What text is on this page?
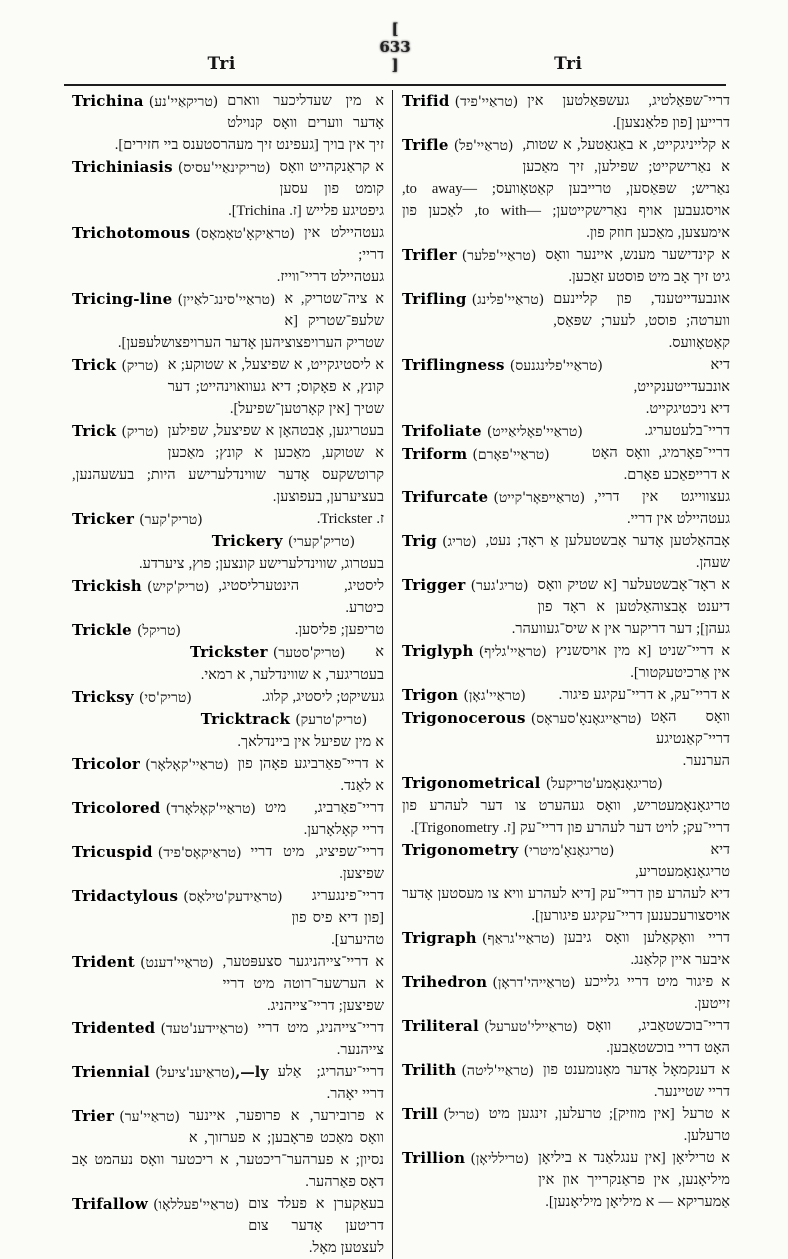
Tri
[ 633 ]	Tri

Trichina (טריקאַיי'נע) א מין שעדליכער ווארם אָדער ווערים וואָס קנוילט זיך אין בויך [געפינט זיך מעהרסטענס ביי חזירים].

Trichiniasis (טריקינאַיי'עסיס) א קראַנקהייט וואָס קומט פון עסען גיפטיגע פלייש [ז. Trichina].

Trichotomous (טראַיקאָ'טאָמאָס) געטהיילט אין דריי; געטהיילט דריי־ווייז.

Tricing-line (טראַיי'סינג־לאַיין) א ציה־שטריק, א שלעפּ־שטריק [א שטריק הערויפצוציהען אָדער הערויפצושלעפּען].

Trick (טריק) א ליסטיגקייט, א שפיצעל, א שטוקע; א קונץ, א פאָקוס; דיא געוואוינהייט; דער שטיך [אין קאָרטען־שפיעל].

Trick (טריק) בעטריגען, אָבטהאָן א שפיצעל, שפילען א שטוקע, מאַכען א קונץ; מאַכען קרוטשקעס אָדער שווינדלערישע היות; בעשעהנען, בעציערען, בעפוצען.

Tricker (טריק'קער)	ז. Trickster.

Trickery (טריק'קערי)
בעטרוג, שווינדלערישע קונצען; פוץ, ציערדע.

Trickish (טריק'קיש) ליסטיג, הינטערליסטיג, כיטרע.

Trickle (טריקל)	טריפען; פליסען.

Trickster (טריק'סטער) א בעטריגער, א שווינדלער, א רמאי.

Tricksy (טריק'סי)	געשיקט; ליסטיג, קלוג.

Tricktrack (טריק'טרעק)
א מין שפיעל אין ביינדלאך.

Tricolor (טראַיי'קאָלאָר) א דריי־פאַרביגע פאָהן פון א לאַנד.

Tricolored (טראַיי'קאָלאָרד) דריי־פאַרביג, מיט דריי קאָלאָרען.

Tricuspid (טראַיקאָס'פיד) דריי־שפיציג, מיט דריי שפיצען.

Tridactylous (טראַידעק'טילאָס) דריי־פינגעריג [פון דיא פיס פון טהיערע].

Trident (טראַיי'דענט) א דריי־צייהניגער סצעפּטער, א הערשער־רוטה מיט דריי שפיצען; דריי־צייהניג.

Tridented (טראַיידענ'טעד) דריי־צייהניג, מיט דריי צייהנער.

Triennial (טראַיענ'ציעל),—ly דריי־יעהריג; אַלע דריי יאָהר.

Trier (טראַיי'ער) א פרובירער, א פרופער, איינער וואָס מאַכט פּראָבען; א פערזוך, א נסיון; א פערהער־ריכטער, א ריכטער וואָס נעהמט אָב דאָס פאַרהער.

Trifallow (טראַיי'פעללאָו) בעאַקערן א פעלד צום דריטען אָדער צום לעצטען מאָל.

Trifid (טראַיי'פיד) דריי־שפּאַלטיג, געשפּאַלטען אין דרייען [פון פלאַנצען].

Trifle (טראַיי'פל) א קלייניגקייט, א באַגאַטעל, א שטות, א נאַרישקייט; שפילען, זיך מאַכען נאַריש; שפּאַסען, טרייבען קאַטאָוועס; —to away, אויסגעבען אויף נאַרישקייטען; —to with, לאַכען פון אימעצען, מאַכען חוזק פון.

Trifler (טראַיי'פלער) א קינדישער מענש, איינער וואָס גיט זיך אָב מיט פוסטע זאַכען.

Trifling (טראַיי'פלינג) אונבעדייטענד, פון קליינעם ווערטה; פוסט, לעער; שפּאַס, קאַטאָוועס.

Triflingness (טראַיי'פלינגנעס)	דיא אונבעדייטענקייט, דיא ניכטיגקייט.

Trifoliate (טראַיי'פאָליאַייט)	דריי־בלעטעריג.

Triform (טראַיי'פאָרם)	דריי־פאָרמיג, וואָס האָט א דרייפאַכע פאָרם.

Trifurcate (טראַייפאָר'קייט) געצווייגט אין דריי, געטהיילט אין דריי.

Trig (טריג) אָבהאַלטען אָדער אָבשטעלען אַ ראָד; נעט, שעהן.

Trigger (טריג'גער) א ראָד־אָבשטעלער [א שטיק וואָס דיענט אָבצוהאַלטען א ראָד פון געהן]; דער דריקער אין א שיס־געוועהר.

Triglyph (טראַיי'גליף) א דריי־שניט [א מין אויסשניץ אין אַרכיטעקטור].

Trigon (טראַיי'גאָן) א דריי־עק, א דריי־עקיגע פיגור.

Trigonocerous (טראַייגאָנאָ'סעראָס) וואָס האָט דריי־קאַנטיגע הערנער.

Trigonometrical (טריגאָנאָמע'טריקעל)
טריגאָנאָמעטריש, וואָס געהערט צו דער לעהרע פון דריי־עק; לויט דער לעהרע פון דריי־עק [ז. Trigonometry].

Trigonometry (טריגאָנאָ'מיטרי)	דיא טריגאָנאָמעטריע, דיא לעהרע פון דריי־עק [דיא לעהרע וויא צו מעסטען אָדער אויסצורעכענען דריי־עקיגע פיגורען].

Trigraph (טראַיי'גראַף) דריי וואָקאַלען וואָס גיבען איבער איין קלאַנג.

Trihedron (טראַייהי'דראָן) א פיגור מיט דריי גלייכע זייטען.

Triliteral (טראַיילי'טערעל) דריי־בוכשטאַביג, וואָס האָט דריי בוכשטאַבען.

Trilith (טראַיי'ליטה) א דענקמאָל אָדער מאָנומענט פון דריי שטיינער.

Trill (טריל) א טרעל [אין מוזיק]; טרעלען, זינגען מיט טרעלען.

Trillion (טרילליאָן) א טריליאָן [אין ענגלאַנד א ביליאָן מיליאָנען, אין פראַנקרייך און אין אַמעריקא — א מיליאָן מיליאָנען].
